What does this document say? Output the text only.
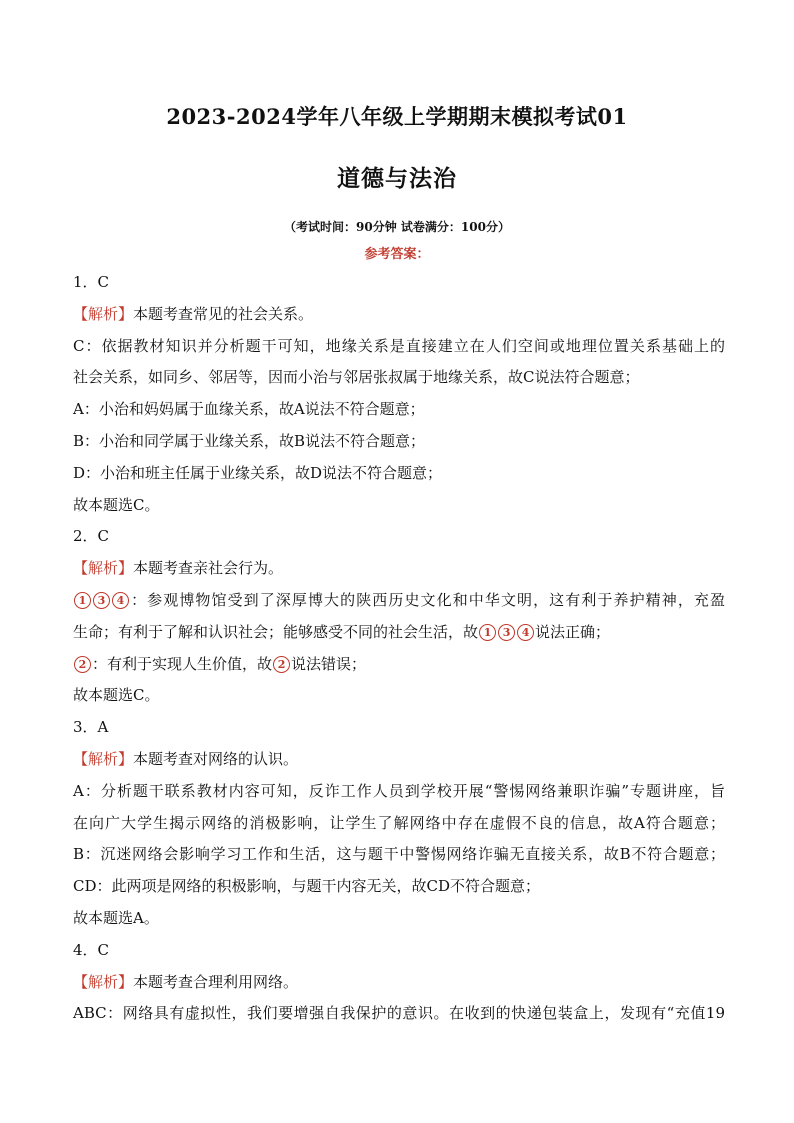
2023-2024学年八年级上学期期末模拟考试01
道德与法治
（考试时间：90分钟 试卷满分：100分）
参考答案：
1．C
【解析】本题考查常见的社会关系。
C：依据教材知识并分析题干可知，地缘关系是直接建立在人们空间或地理位置关系基础上的
社会关系，如同乡、邻居等，因而小治与邻居张叔属于地缘关系，故C说法符合题意；
A：小治和妈妈属于血缘关系，故A说法不符合题意；
B：小治和同学属于业缘关系，故B说法不符合题意；
D：小治和班主任属于业缘关系，故D说法不符合题意；
故本题选C。
2．C
【解析】本题考查亲社会行为。
1 3 4 ：参观博物馆受到了深厚博大的陕西历史文化和中华文明，这有利于养护精神，充盈
生命；有利于了解和认识社会；能够感受不同的社会生活，故 1 3 4 说法正确；
2 ：有利于实现人生价值，故 2 说法错误；
故本题选C。
3．A
【解析】本题考查对网络的认识。
A：分析题干联系教材内容可知，反诈工作人员到学校开展“警惕网络兼职诈骗”专题讲座，旨
在向广大学生揭示网络的消极影响，让学生了解网络中存在虚假不良的信息，故A符合题意；
B：沉迷网络会影响学习工作和生活，这与题干中警惕网络诈骗无直接关系，故B不符合题意；
CD：此两项是网络的积极影响，与题干内容无关，故CD不符合题意；
故本题选A。
4．C
【解析】本题考查合理利用网络。
ABC：网络具有虚拟性，我们要增强自我保护的意识。在收到的快递包装盒上，发现有“充值19
